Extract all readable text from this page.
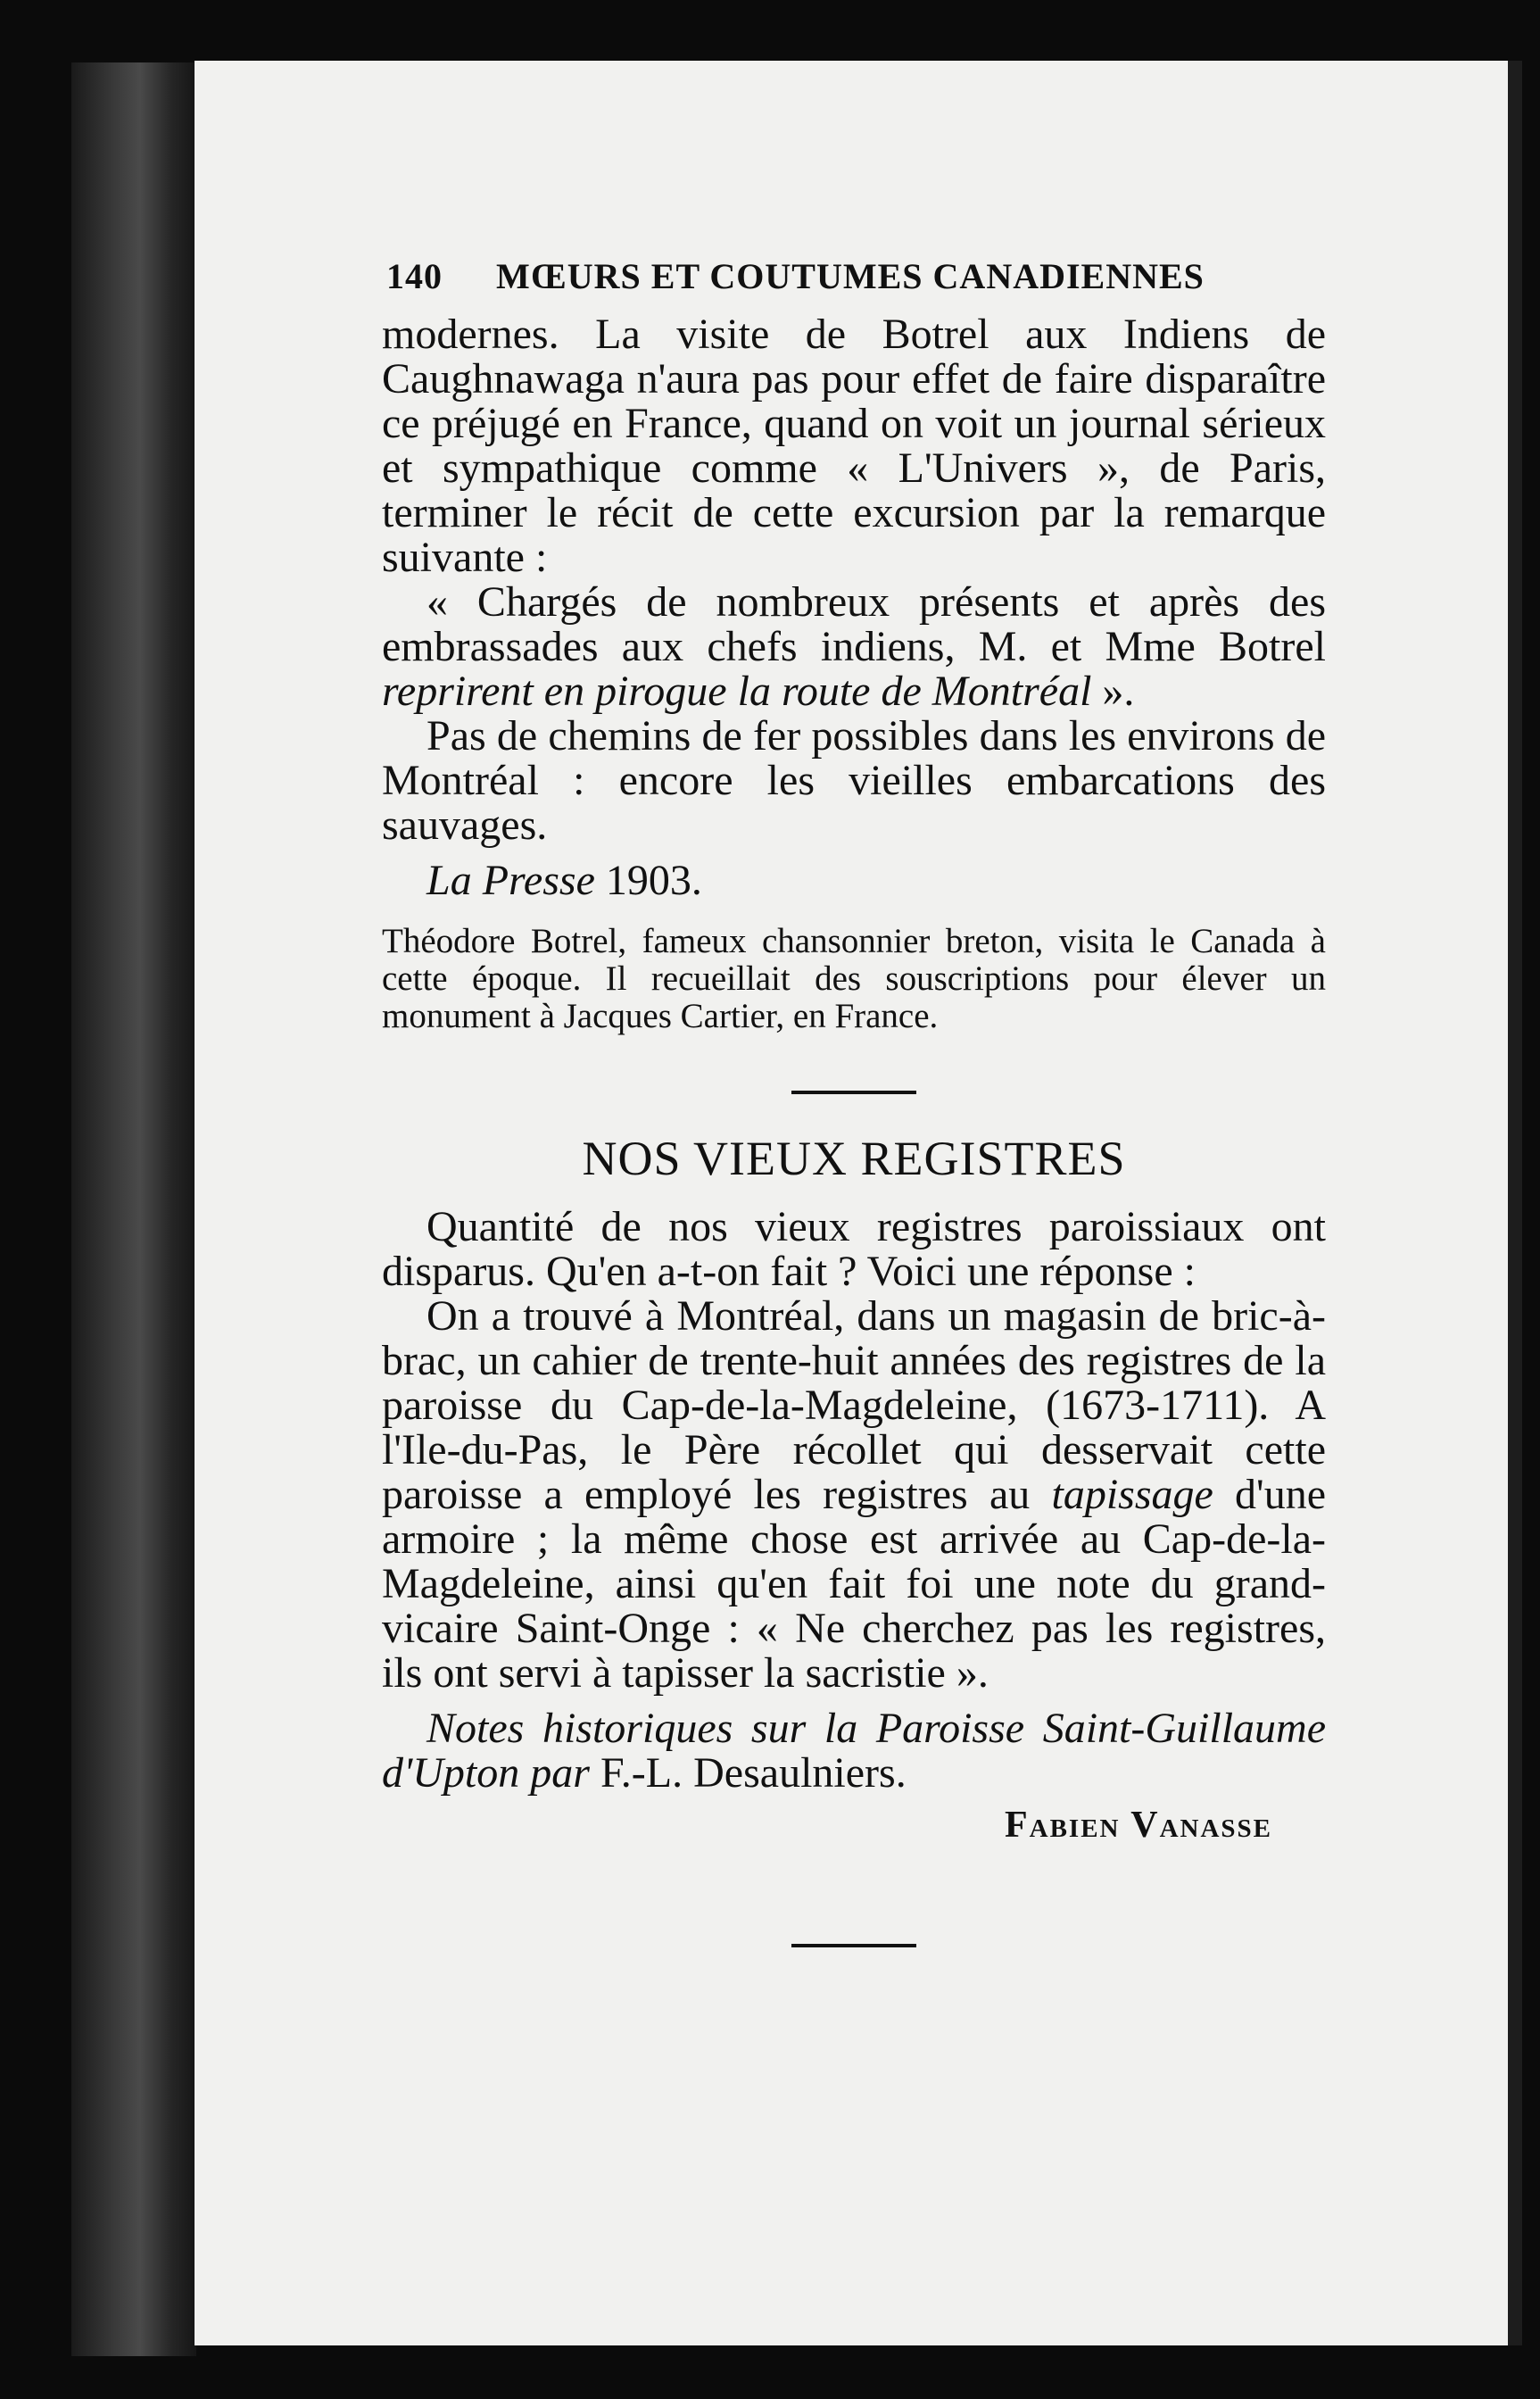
140 MŒURS ET COUTUMES CANADIENNES

modernes. La visite de Botrel aux Indiens de Caughnawaga n'aura pas pour effet de faire disparaître ce préjugé en France, quand on voit un journal sérieux et sympathique comme « L'Univers », de Paris, terminer le récit de cette excursion par la remarque suivante :

« Chargés de nombreux présents et après des embrassades aux chefs indiens, M. et Mme Botrel reprirent en pirogue la route de Montréal ».

Pas de chemins de fer possibles dans les environs de Montréal : encore les vieilles embarcations des sauvages.

La Presse 1903.

Théodore Botrel, fameux chansonnier breton, visita le Canada à cette époque. Il recueillait des souscriptions pour élever un monument à Jacques Cartier, en France.

NOS VIEUX REGISTRES

Quantité de nos vieux registres paroissiaux ont disparus. Qu'en a-t-on fait ? Voici une réponse :

On a trouvé à Montréal, dans un magasin de bric-à-brac, un cahier de trente-huit années des registres de la paroisse du Cap-de-la-Magdeleine, (1673-1711). A l'Ile-du-Pas, le Père récollet qui desservait cette paroisse a employé les registres au tapissage d'une armoire ; la même chose est arrivée au Cap-de-la-Magdeleine, ainsi qu'en fait foi une note du grand-vicaire Saint-Onge : « Ne cherchez pas les registres, ils ont servi à tapisser la sacristie ».

Notes historiques sur la Paroisse Saint-Guillaume d'Upton par F.-L. Desaulniers.

Fabien Vanasse
